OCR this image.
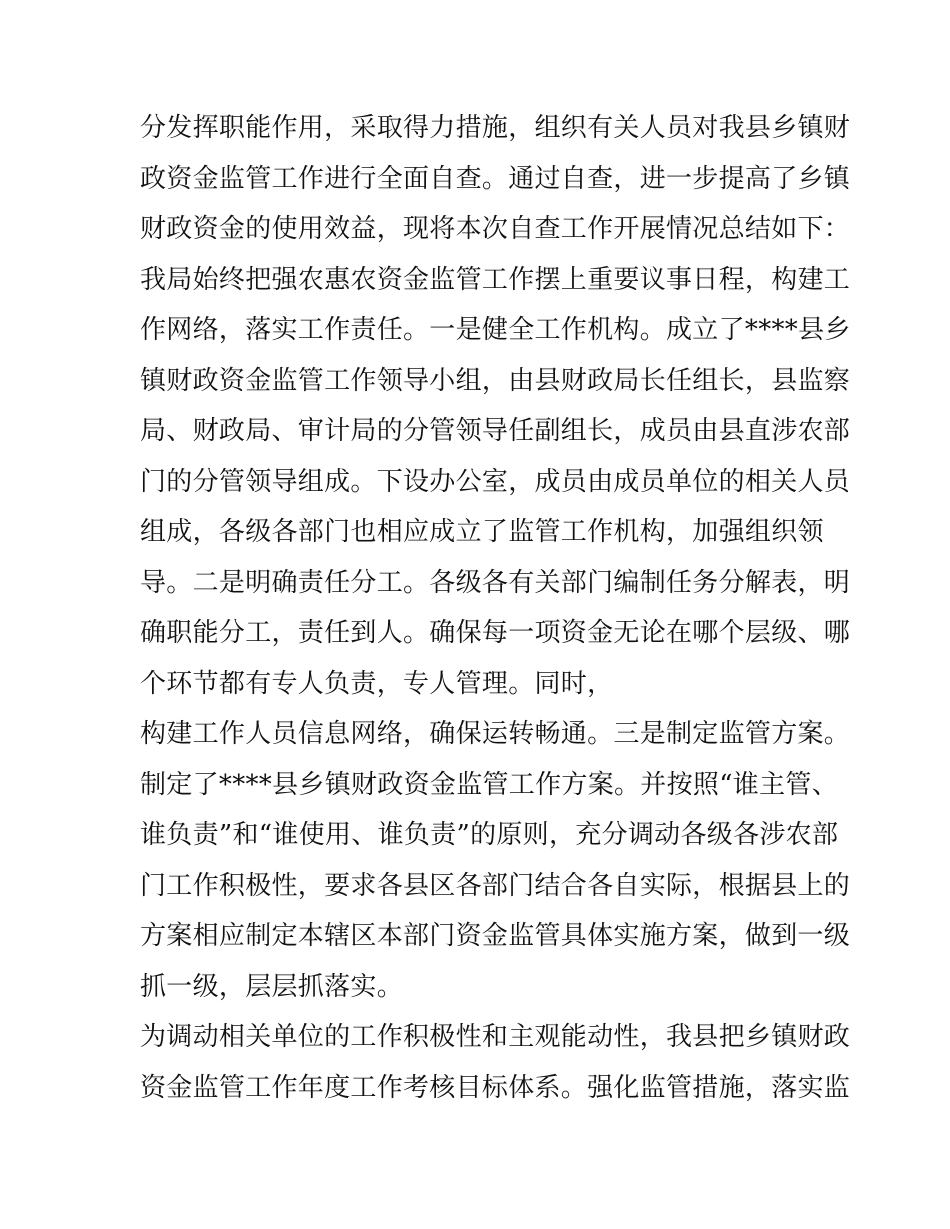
分发挥职能作用，采取得力措施，组织有关人员对我县乡镇财
政资金监管工作进行全面自查。通过自查，进一步提高了乡镇
财政资金的使用效益，现将本次自查工作开展情况总结如下：
我局始终把强农惠农资金监管工作摆上重要议事日程，构建工
作网络，落实工作责任。一是健全工作机构。成立了****县乡
镇财政资金监管工作领导小组，由县财政局长任组长，县监察
局、财政局、审计局的分管领导任副组长，成员由县直涉农部
门的分管领导组成。下设办公室，成员由成员单位的相关人员
组成，各级各部门也相应成立了监管工作机构，加强组织领
导。二是明确责任分工。各级各有关部门编制任务分解表，明
确职能分工，责任到人。确保每一项资金无论在哪个层级、哪
个环节都有专人负责，专人管理。同时，
构建工作人员信息网络，确保运转畅通。三是制定监管方案。
制定了****县乡镇财政资金监管工作方案。并按照“谁主管、
谁负责”和“谁使用、谁负责”的原则，充分调动各级各涉农部
门工作积极性，要求各县区各部门结合各自实际，根据县上的
方案相应制定本辖区本部门资金监管具体实施方案，做到一级
抓一级，层层抓落实。
为调动相关单位的工作积极性和主观能动性，我县把乡镇财政
资金监管工作年度工作考核目标体系。强化监管措施，落实监
